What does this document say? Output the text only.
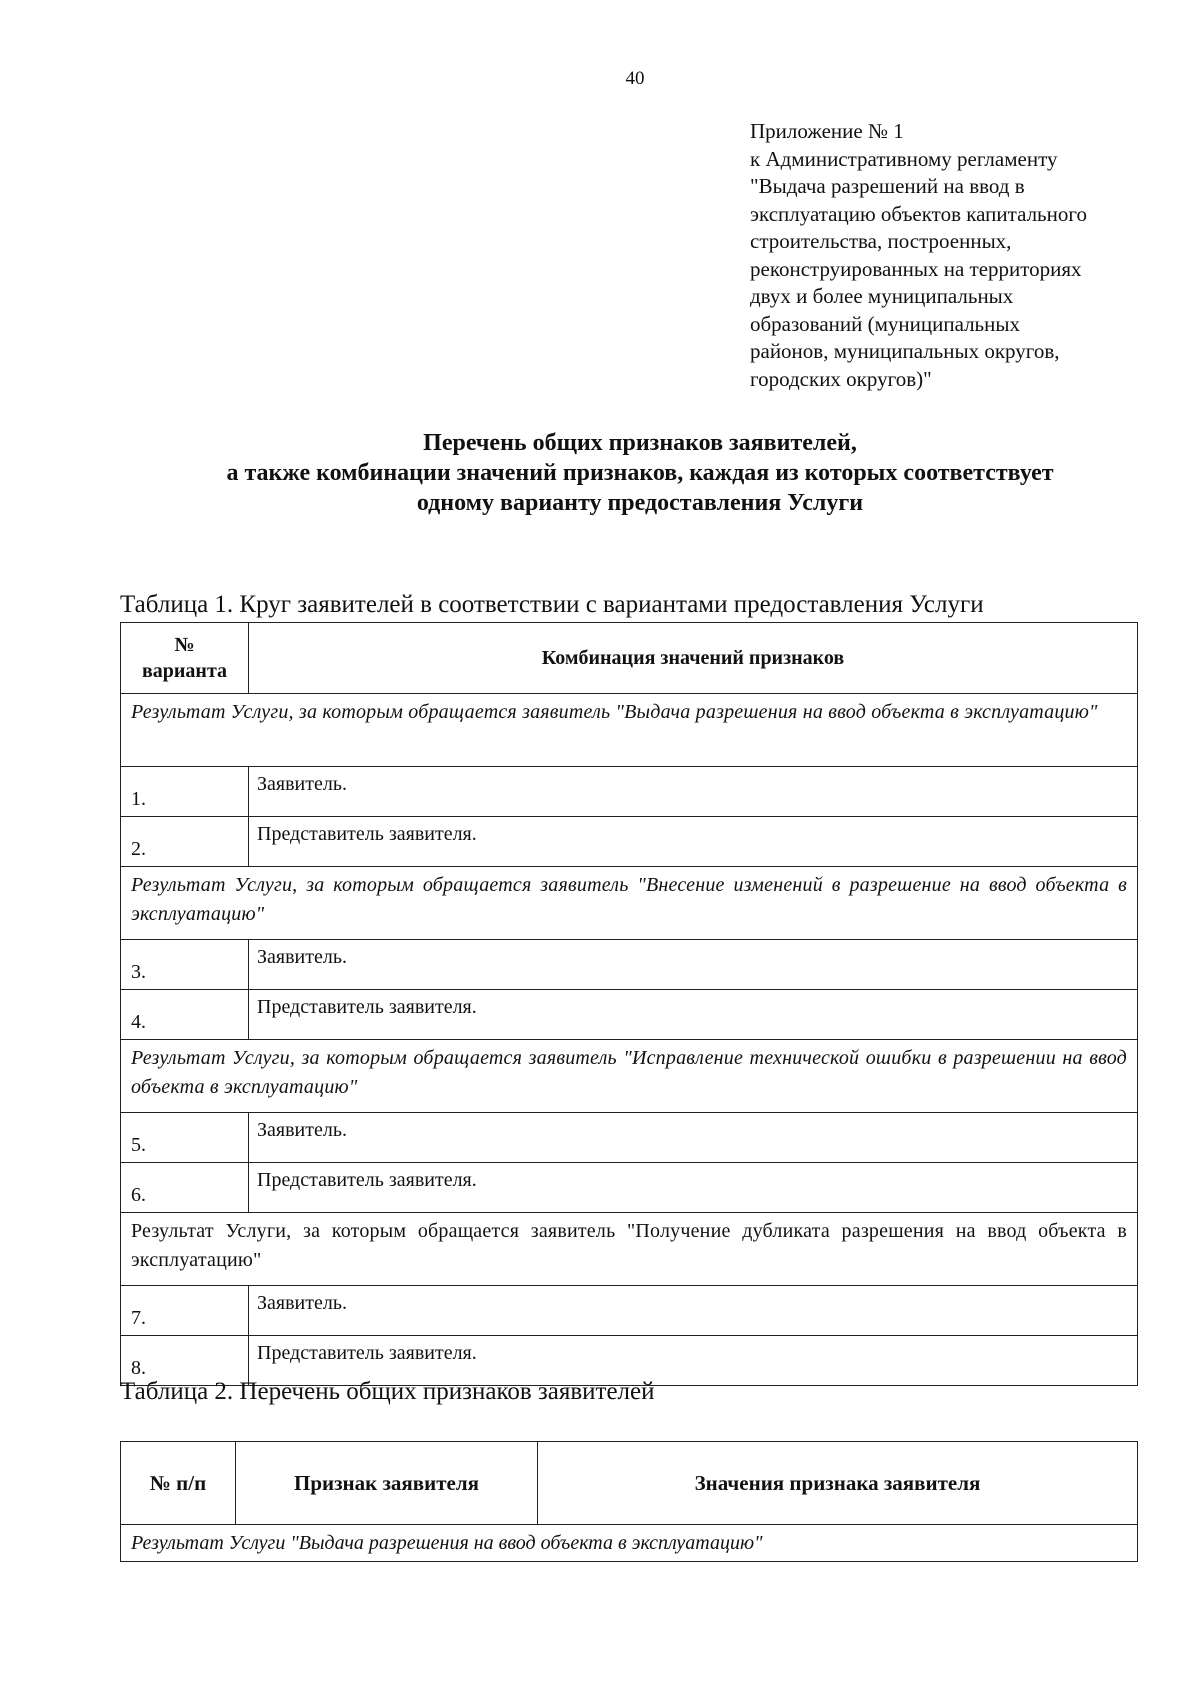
40
Приложение № 1
к Административному регламенту
"Выдача разрешений на ввод в
эксплуатацию объектов капитального
строительства, построенных,
реконструированных на территориях
двух и более муниципальных
образований (муниципальных
районов, муниципальных округов,
городских округов)"
Перечень общих признаков заявителей,
а также комбинации значений признаков, каждая из которых соответствует
одному варианту предоставления Услуги
Таблица 1. Круг заявителей в соответствии с вариантами предоставления Услуги
№
варианта	Комбинация значений признаков
Результат Услуги, за которым обращается заявитель "Выдача разрешения на ввод объекта в эксплуатацию"	
1.	Заявитель.
2.	Представитель заявителя.
Результат Услуги, за которым обращается заявитель "Внесение изменений в разрешение на ввод объекта в эксплуатацию"	
3.	Заявитель.
4.	Представитель заявителя.
Результат Услуги, за которым обращается заявитель "Исправление технической ошибки в разрешении на ввод объекта в эксплуатацию"	
5.	Заявитель.
6.	Представитель заявителя.
Результат Услуги, за которым обращается заявитель "Получение дубликата разрешения на ввод объекта в эксплуатацию"	
7.	Заявитель.
8.	Представитель заявителя.
Таблица 2. Перечень общих признаков заявителей
№ п/п	Признак заявителя	Значения признака заявителя
Результат Услуги "Выдача разрешения на ввод объекта в эксплуатацию"
